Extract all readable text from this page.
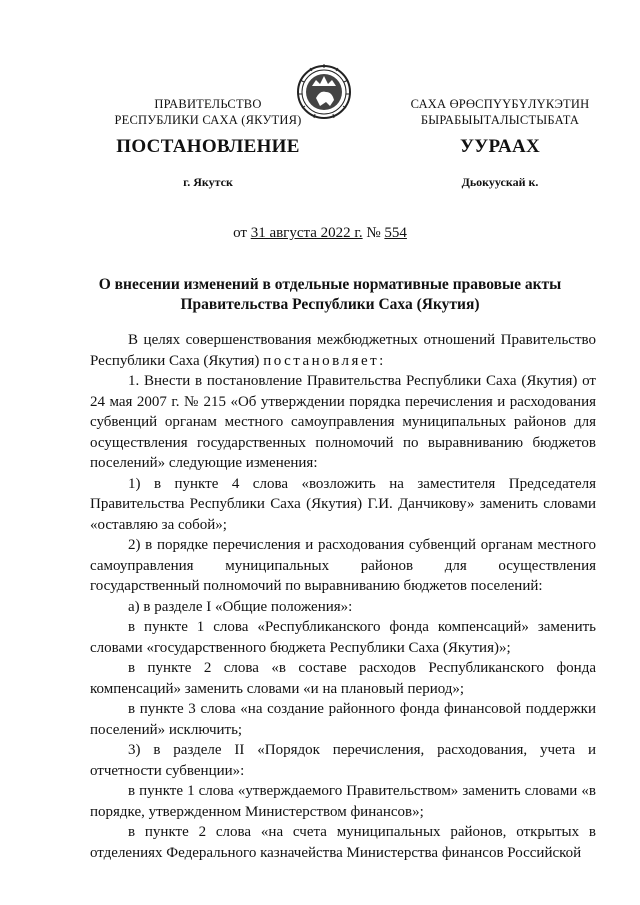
ПРАВИТЕЛЬСТВО
РЕСПУБЛИКИ САХА (ЯКУТИЯ)
САХА ӨРӨСПҮҮБҮЛҮКЭТИН
БЫРАБЫЫТАЛЫСТЫБАТА
ПОСТАНОВЛЕНИЕ	УУРААХ
г. Якутск	Дьокуускай к.
от 31 августа 2022 г. № 554
О внесении изменений в отдельные нормативные правовые акты
Правительства Республики Саха (Якутия)

В целях совершенствования межбюджетных отношений Правительство Республики Саха (Якутия) постановляет:

1. Внести в постановление Правительства Республики Саха (Якутия) от 24 мая 2007 г. № 215 «Об утверждении порядка перечисления и расходования субвенций органам местного самоуправления муниципальных районов для осуществления государственных полномочий по выравниванию бюджетов поселений» следующие изменения:

1) в пункте 4 слова «возложить на заместителя Председателя Правительства Республики Саха (Якутия) Г.И. Данчикову» заменить словами «оставляю за собой»;

2) в порядке перечисления и расходования субвенций органам местного самоуправления муниципальных районов для осуществления государственный полномочий по выравниванию бюджетов поселений:

а) в разделе I «Общие положения»:

в пункте 1 слова «Республиканского фонда компенсаций» заменить словами «государственного бюджета Республики Саха (Якутия)»;

в пункте 2 слова «в составе расходов Республиканского фонда компенсаций» заменить словами «и на плановый период»;

в пункте 3 слова «на создание районного фонда финансовой поддержки поселений» исключить;

3) в разделе II «Порядок перечисления, расходования, учета и отчетности субвенции»:

в пункте 1 слова «утверждаемого Правительством» заменить словами «в порядке, утвержденном Министерством финансов»;

в пункте 2 слова «на счета муниципальных районов, открытых в отделениях Федерального казначейства Министерства финансов Российской
